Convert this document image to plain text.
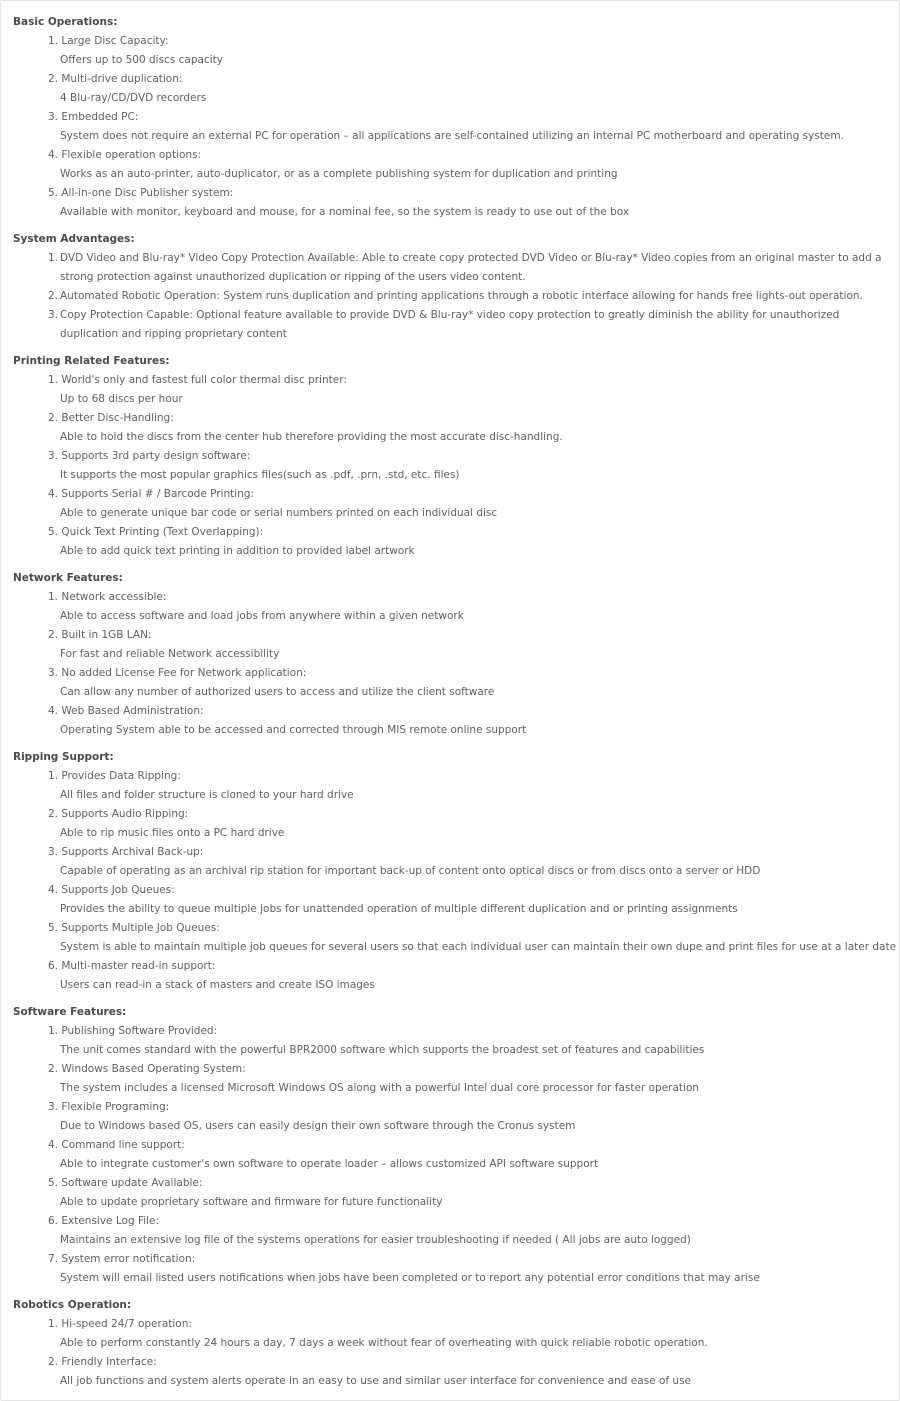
Basic Operations:
1. Large Disc Capacity:
Offers up to 500 discs capacity
2. Multi-drive duplication:
4 Blu-ray/CD/DVD recorders
3. Embedded PC:
System does not require an external PC for operation – all applications are self-contained utilizing an internal PC motherboard and operating system.
4. Flexible operation options:
Works as an auto-printer, auto-duplicator, or as a complete publishing system for duplication and printing
5. All-in-one Disc Publisher system:
Available with monitor, keyboard and mouse, for a nominal fee, so the system is ready to use out of the box
System Advantages:
1. DVD Video and Blu-ray* Video Copy Protection Available: Able to create copy protected DVD Video or Blu-ray* Video copies from an original master to add a strong protection against unauthorized duplication or ripping of the users video content.
2. Automated Robotic Operation: System runs duplication and printing applications through a robotic interface allowing for hands free lights-out operation.
3. Copy Protection Capable: Optional feature available to provide DVD & Blu-ray* video copy protection to greatly diminish the ability for unauthorized duplication and ripping proprietary content
Printing Related Features:
1. World's only and fastest full color thermal disc printer:
Up to 68 discs per hour
2. Better Disc-Handling:
Able to hold the discs from the center hub therefore providing the most accurate disc-handling.
3. Supports 3rd party design software:
It supports the most popular graphics files(such as .pdf, .prn, .std, etc. files)
4. Supports Serial # / Barcode Printing:
Able to generate unique bar code or serial numbers printed on each individual disc
5. Quick Text Printing (Text Overlapping):
Able to add quick text printing in addition to provided label artwork
Network Features:
1. Network accessible:
Able to access software and load jobs from anywhere within a given network
2. Built in 1GB LAN:
For fast and reliable Network accessibility
3. No added License Fee for Network application:
Can allow any number of authorized users to access and utilize the client software
4. Web Based Administration:
Operating System able to be accessed and corrected through MIS remote online support
Ripping Support:
1. Provides Data Ripping:
All files and folder structure is cloned to your hard drive
2. Supports Audio Ripping:
Able to rip music files onto a PC hard drive
3. Supports Archival Back-up:
Capable of operating as an archival rip station for important back-up of content onto optical discs or from discs onto a server or HDD
4. Supports Job Queues:
Provides the ability to queue multiple jobs for unattended operation of multiple different duplication and or printing assignments
5. Supports Multiple Job Queues:
System is able to maintain multiple job queues for several users so that each individual user can maintain their own dupe and print files for use at a later date
6. Multi-master read-in support:
Users can read-in a stack of masters and create ISO images
Software Features:
1. Publishing Software Provided:
The unit comes standard with the powerful BPR2000 software which supports the broadest set of features and capabilities
2. Windows Based Operating System:
The system includes a licensed Microsoft Windows OS along with a powerful Intel dual core processor for faster operation
3. Flexible Programing:
Due to Windows based OS, users can easily design their own software through the Cronus system
4. Command line support:
Able to integrate customer's own software to operate loader – allows customized API software support
5. Software update Available:
Able to update proprietary software and firmware for future functionality
6. Extensive Log File:
Maintains an extensive log file of the systems operations for easier troubleshooting if needed ( All jobs are auto logged)
7. System error notification:
System will email listed users notifications when jobs have been completed or to report any potential error conditions that may arise
Robotics Operation:
1. Hi-speed 24/7 operation:
Able to perform constantly 24 hours a day, 7 days a week without fear of overheating with quick reliable robotic operation.
2. Friendly Interface:
All job functions and system alerts operate in an easy to use and similar user interface for convenience and ease of use
